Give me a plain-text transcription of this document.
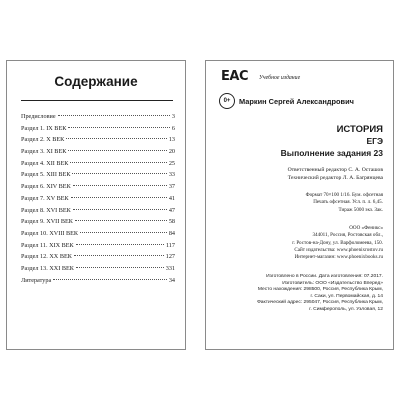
Содержание
Предисловие	3
Раздел 1. IX ВЕК	6
Раздел 2. X ВЕК	13
Раздел 3. XI ВЕК	20
Раздел 4. XII ВЕК	25
Раздел 5. XIII ВЕК	33
Раздел 6. XIV ВЕК	37
Раздел 7. XV ВЕК	41
Раздел 8. XVI ВЕК	47
Раздел 9. XVII ВЕК	58
Раздел 10. XVIII ВЕК	84
Раздел 11. XIX ВЕК	117
Раздел 12. XX ВЕК	127
Раздел 13. XXI ВЕК	331
Литература	34
EAC Учебное издание
0+	Маркин Сергей Александрович
ИСТОРИЯ
ЕГЭ
Выполнение задания 23
Ответственный редактор С. А. Осташов
Технический редактор Л. А. Багрянцева
Формат 70×100 1/16. Бум. офсетная
Печать офсетная. Усл. п. л. 6,45.
Тираж 5000 экз. Зак.
ООО «Феникс»
344011, Россия, Ростовская обл.,
г. Ростов-на-Дону, ул. Варфоломеева, 150.
Сайт издательства: www.phoenixrostov.ru
Интернет-магазин: www.phoenixbooks.ru
Изготовлено в России. Дата изготовления: 07.2017.
Изготовитель: ООО «Издательство Вперед»
Место нахождения: 298500, Россия, Республика Крым,
г. Саки, ул. Первомайская, д. 14
Фактический адрес: 295047, Россия, Республика Крым,
г. Симферополь, ул. Узловая, 12
